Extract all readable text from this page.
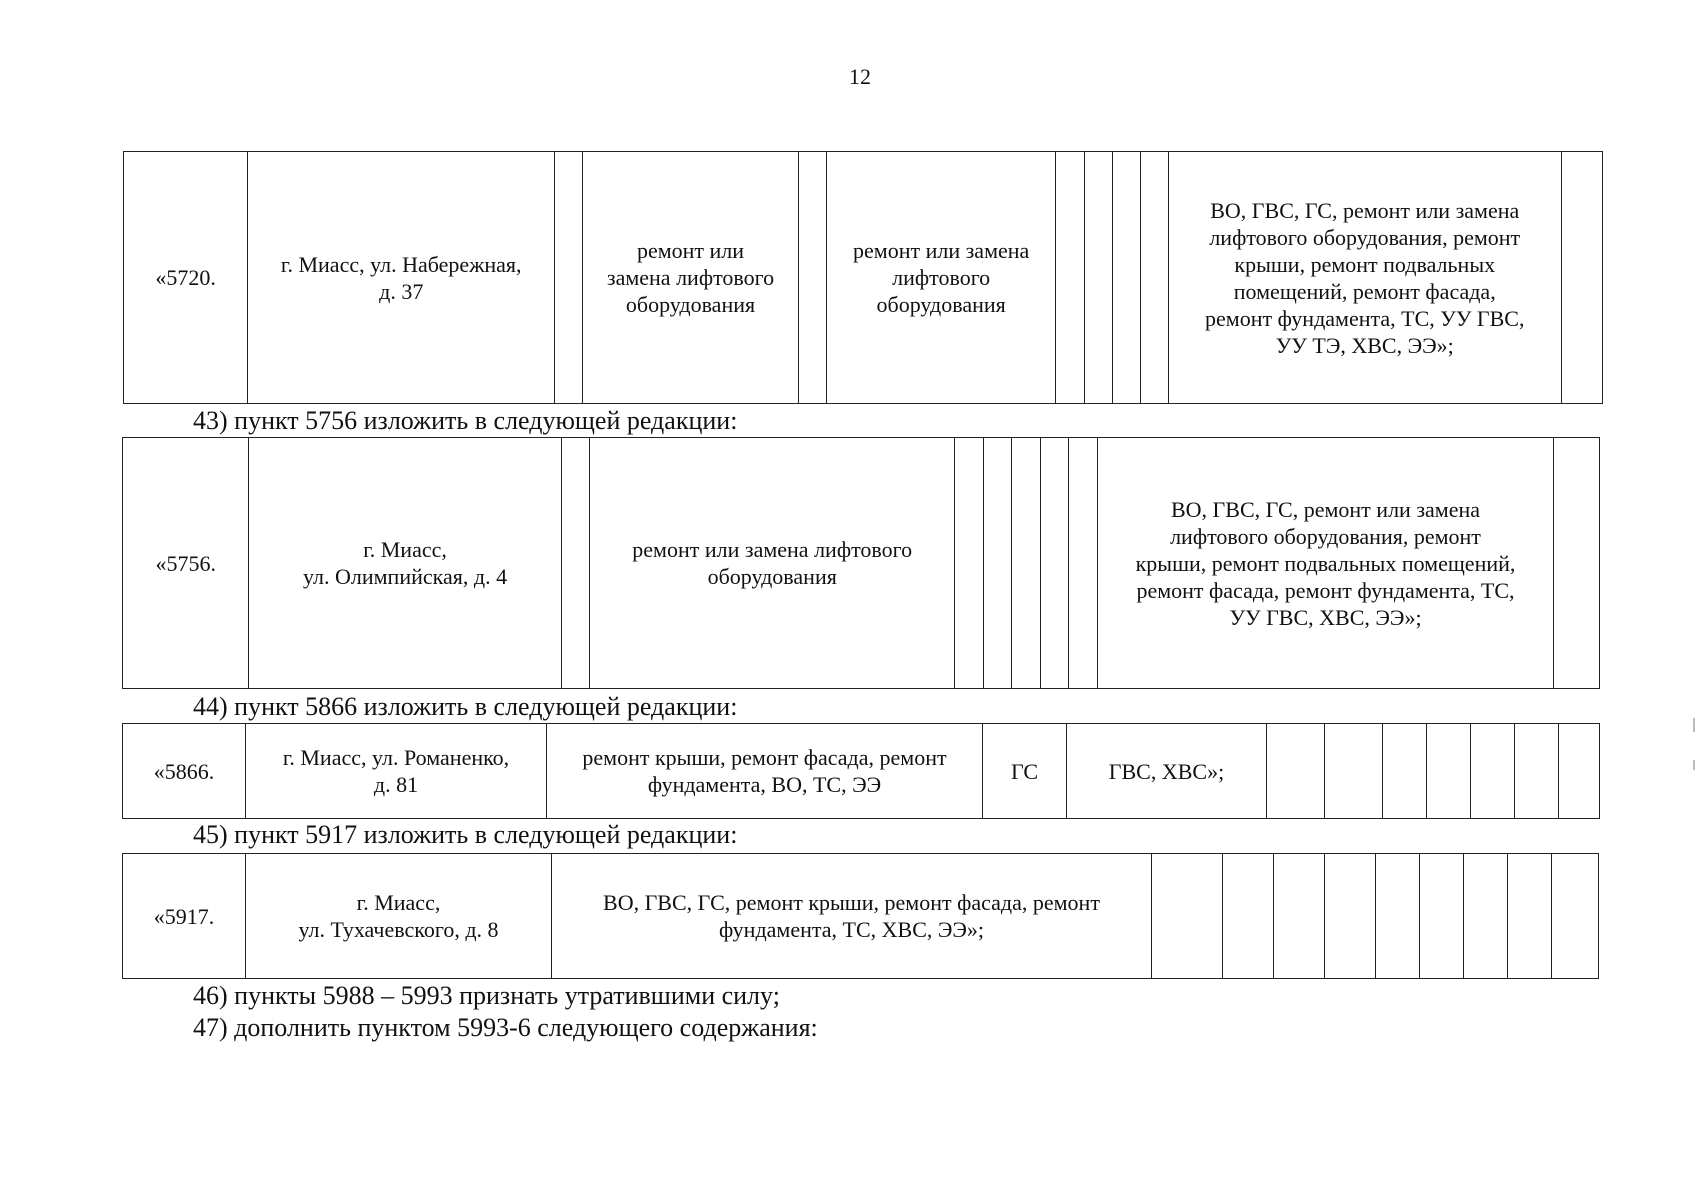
12
«5720.	г. Миасс, ул. Набережная,
д. 37		ремонт или
замена лифтового
оборудования		ремонт или замена
лифтового
оборудования					ВО, ГВС, ГС, ремонт или замена
лифтового оборудования, ремонт
крыши, ремонт подвальных
помещений, ремонт фасада,
ремонт фундамента, ТС, УУ ГВС,
УУ ТЭ, ХВС, ЭЭ»;	

43) пункт 5756 изложить в следующей редакции:

«5756.	г. Миасс,
ул. Олимпийская, д. 4		ремонт или замена лифтового
оборудования						ВО, ГВС, ГС, ремонт или замена
лифтового оборудования, ремонт
крыши, ремонт подвальных помещений,
ремонт фасада, ремонт фундамента, ТС,
УУ ГВС, ХВС, ЭЭ»;	

44) пункт 5866 изложить в следующей редакции:

«5866.	г. Миасс, ул. Романенко,
д. 81	ремонт крыши, ремонт фасада, ремонт
фундамента, ВО, ТС, ЭЭ	ГС	ГВС, ХВС»;							

45) пункт 5917 изложить в следующей редакции:

«5917.	г. Миасс,
ул. Тухачевского, д. 8	ВО, ГВС, ГС, ремонт крыши, ремонт фасада, ремонт
фундамента, ТС, ХВС, ЭЭ»;									

46) пункты 5988 – 5993 признать утратившими силу;

47) дополнить пунктом 5993-6 следующего содержания:
